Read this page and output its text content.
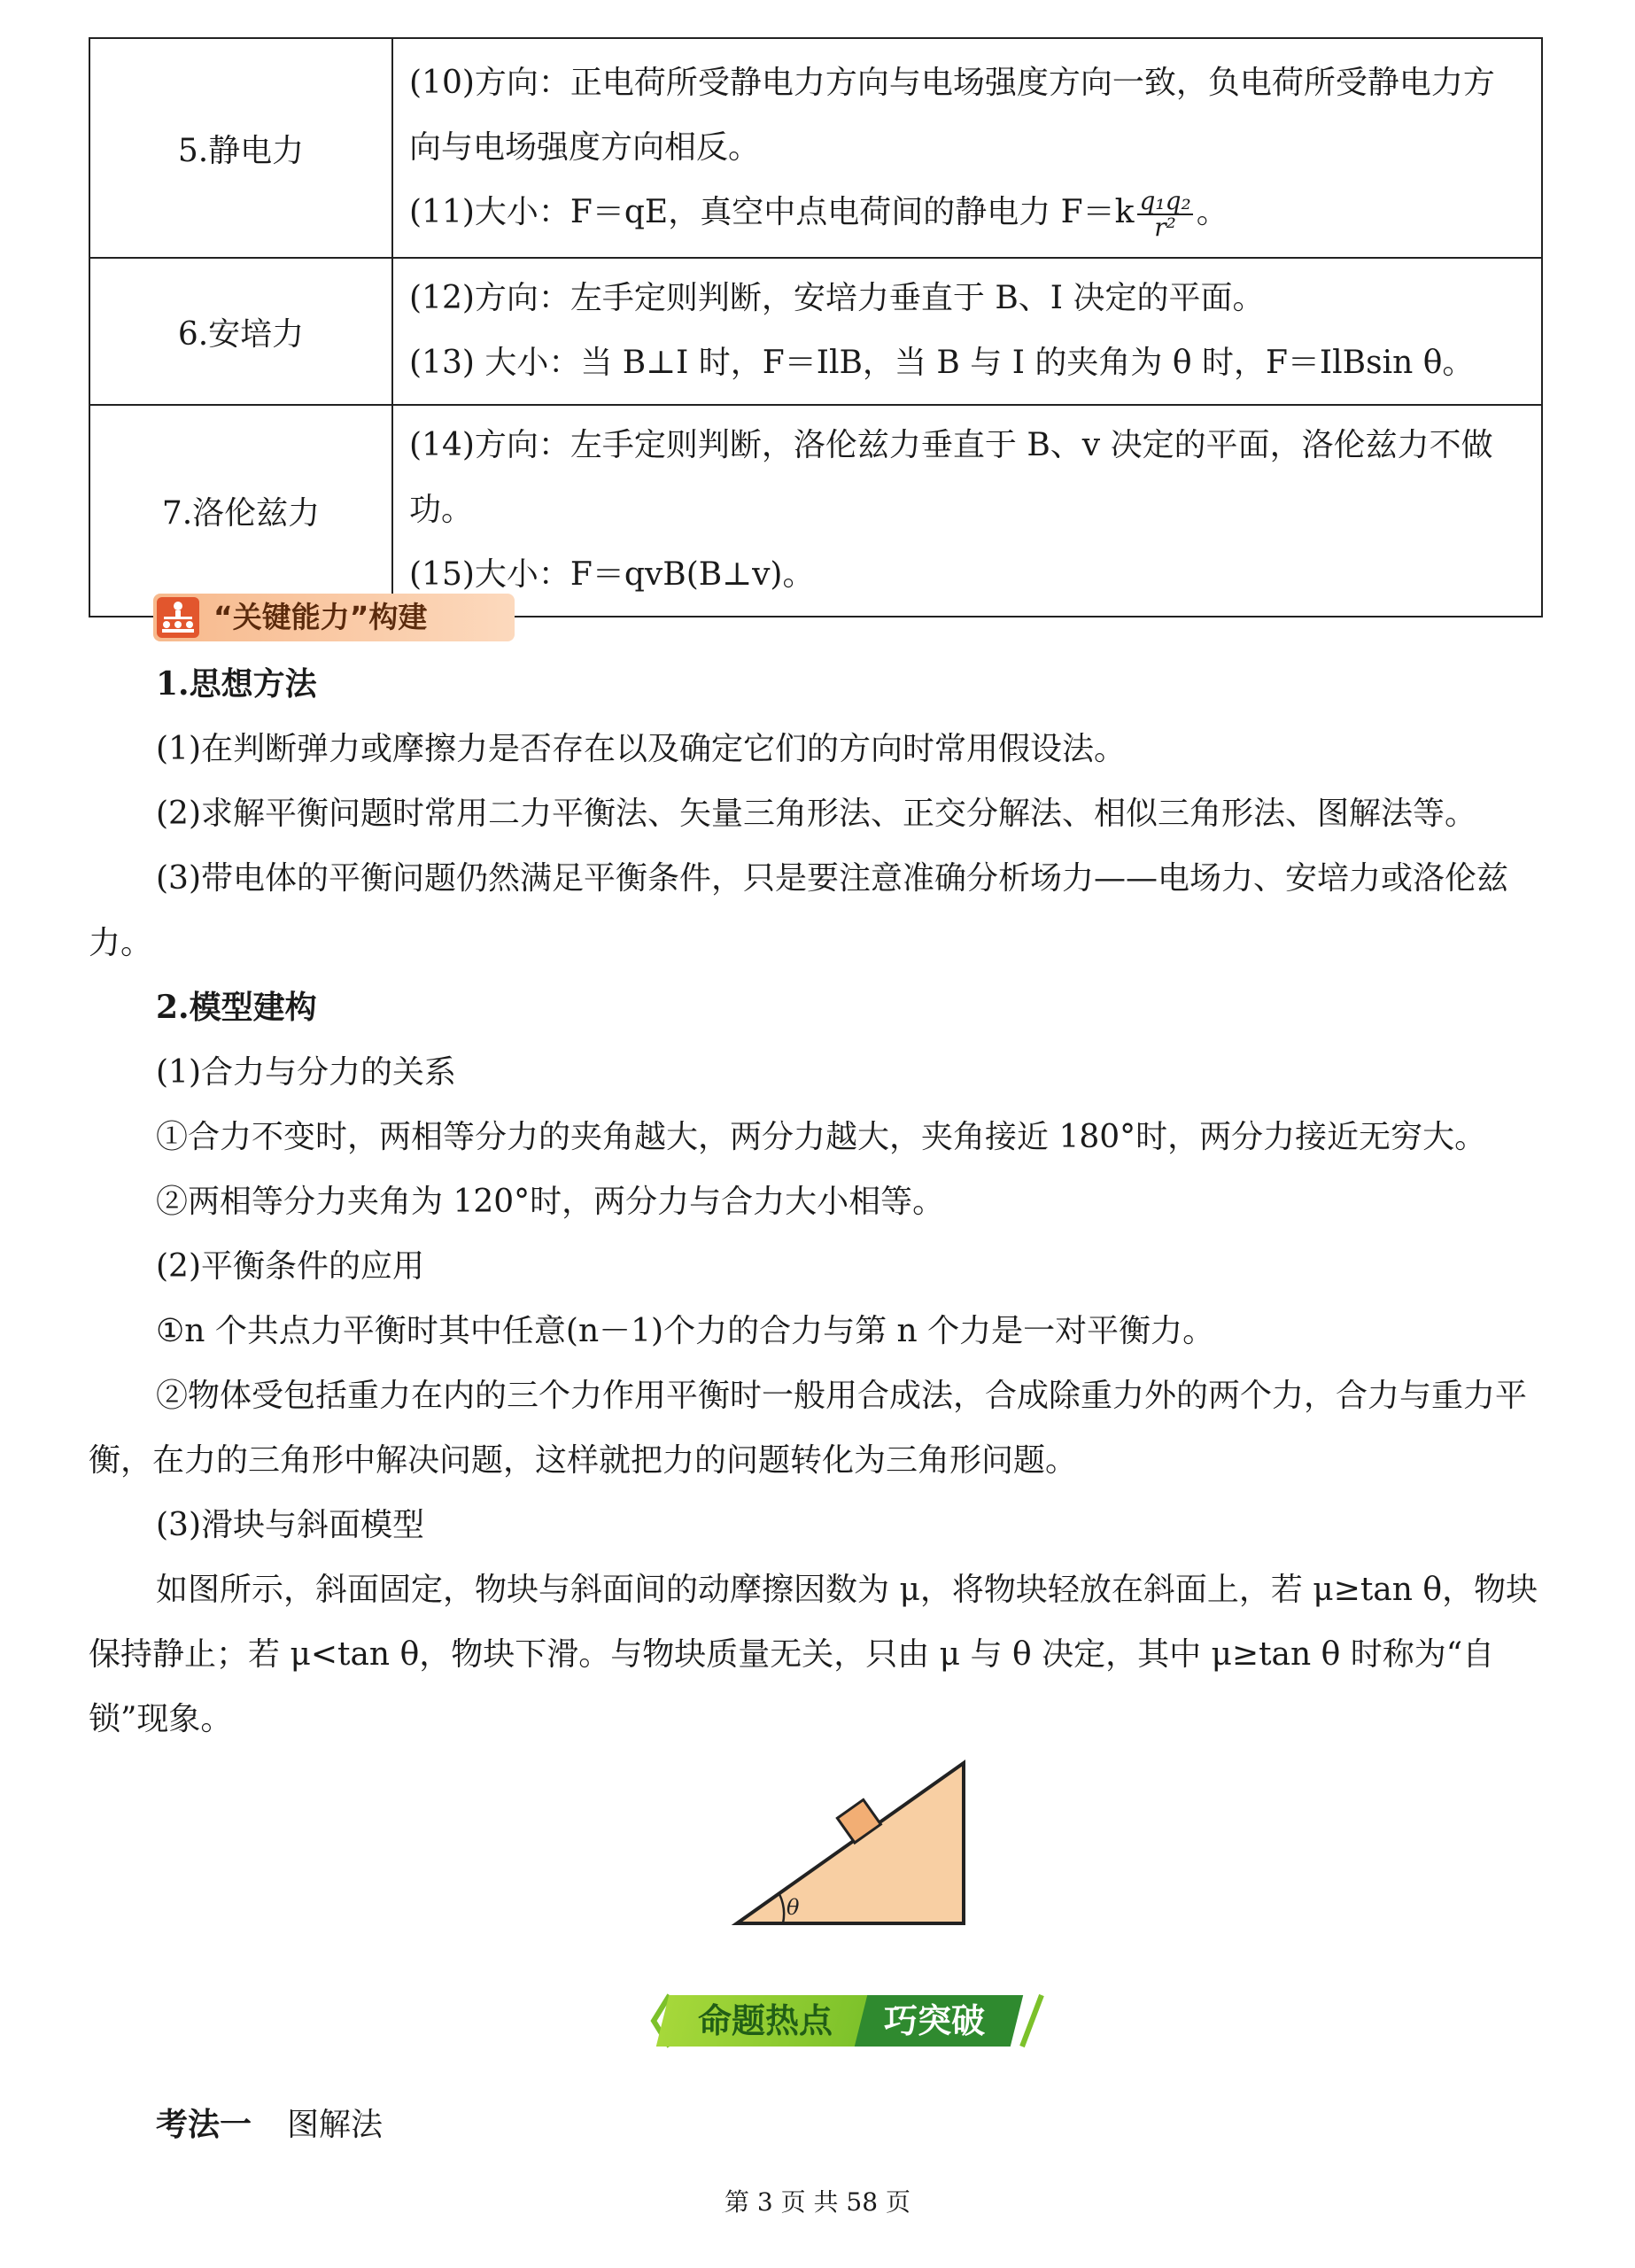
5.静电力	(10)方向：正电荷所受静电力方向与电场强度方向一致，负电荷所受静电力方向与电场强度方向相反。
(11)大小：F＝qE，真空中点电荷间的静电力 $F=k \frac{\text{q₁q₂}}{\text{r²}}$ 。

6.安培力	(12)方向：左手定则判断，安培力垂直于 B、I 决定的平面。
(13) 大小：当 B⊥I 时，F＝IlB，当 B 与 I 的夹角为 θ 时，F＝IlBsin θ。

7.洛伦兹力	(14)方向：左手定则判断，洛伦兹力垂直于 B、v 决定的平面，洛伦兹力不做功。
(15)大小：F＝qvB(B⊥v)。
“关键能力”构建
1.思想方法
(1)在判断弹力或摩擦力是否存在以及确定它们的方向时常用假设法。
(2)求解平衡问题时常用二力平衡法、矢量三角形法、正交分解法、相似三角形法、图解法等。
(3)带电体的平衡问题仍然满足平衡条件，只是要注意准确分析场力——电场力、安培力或洛伦兹力。
2.模型建构
(1)合力与分力的关系
①合力不变时，两相等分力的夹角越大，两分力越大，夹角接近 180°时，两分力接近无穷大。
②两相等分力夹角为 120°时，两分力与合力大小相等。
(2)平衡条件的应用
①n 个共点力平衡时其中任意(n－1)个力的合力与第 n 个力是一对平衡力。
②物体受包括重力在内的三个力作用平衡时一般用合成法，合成除重力外的两个力，合力与重力平衡，在力的三角形中解决问题，这样就把力的问题转化为三角形问题。
(3)滑块与斜面模型
如图所示，斜面固定，物块与斜面间的动摩擦因数为 μ，将物块轻放在斜面上，若 μ≥tan θ，物块保持静止；若 μ<tan θ，物块下滑。与物块质量无关，只由 μ 与 θ 决定，其中 μ≥tan θ 时称为“自锁”现象。
θ
命题热点 巧突破
考法一 图解法
第 3 页 共 58 页
